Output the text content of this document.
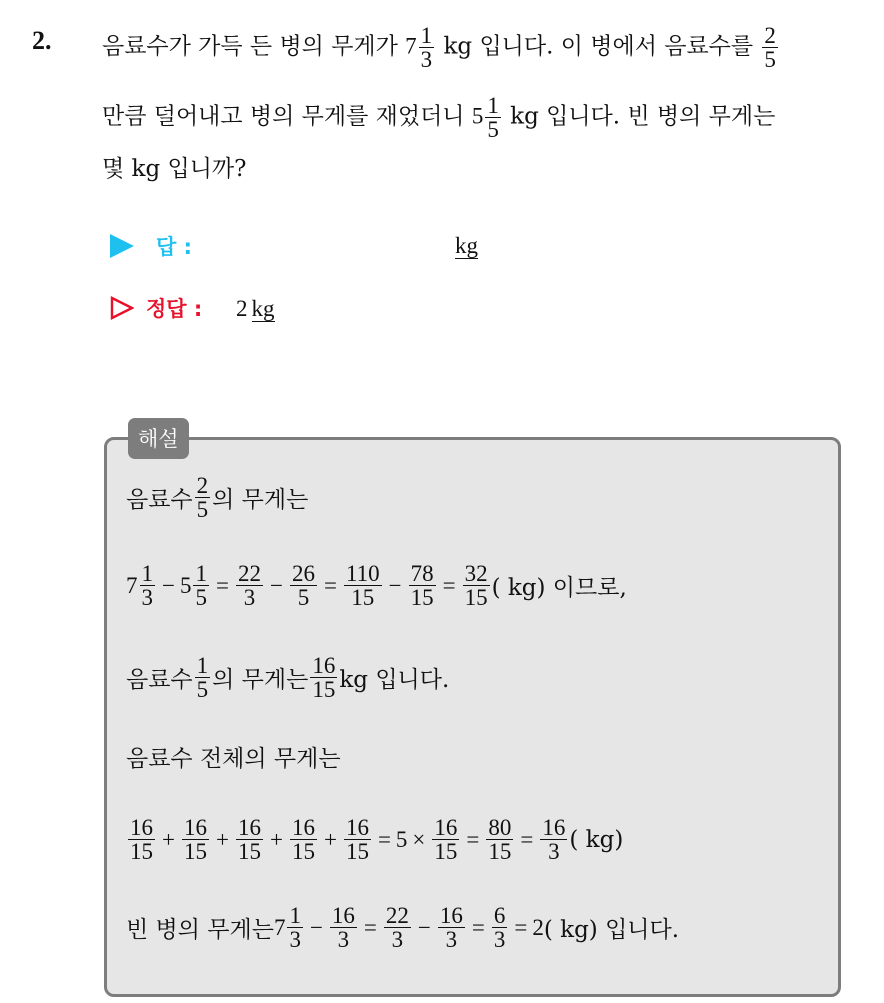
2. 음료수가 가득 든 병의 무게가 $7 \frac{1}{3}$ kg 입니다. 이 병에서 음료수를 $\frac{2}{5}$
만큼 덜어내고 병의 무게를 재었더니 $5 \frac{1}{5}$ kg 입니다. 빈 병의 무게는
몇 kg 입니까?
답 :	kg
정답 : 2 kg
해설
음료수 $\frac{2}{5}$ 의 무게는
$7 \frac{1}{3} - 5 \frac{1}{5} = \frac{22}{3} - \frac{26}{5} = \frac{110}{15} - \frac{78}{15} = \frac{32}{15}$ ( kg) 이므로,
음료수 $\frac{1}{5}$ 의 무게는 $\frac{16}{15}$ kg 입니다.
음료수 전체의 무게는
$\frac{16}{15} + \frac{16}{15} + \frac{16}{15} + \frac{16}{15} + \frac{16}{15} = 5 \times \frac{16}{15} = \frac{80}{15} = \frac{16}{3}$ ( kg)
빈 병의 무게는 $7 \frac{1}{3} - \frac{16}{3} = \frac{22}{3} - \frac{16}{3} = \frac{6}{3} = 2$ ( kg) 입니다.
